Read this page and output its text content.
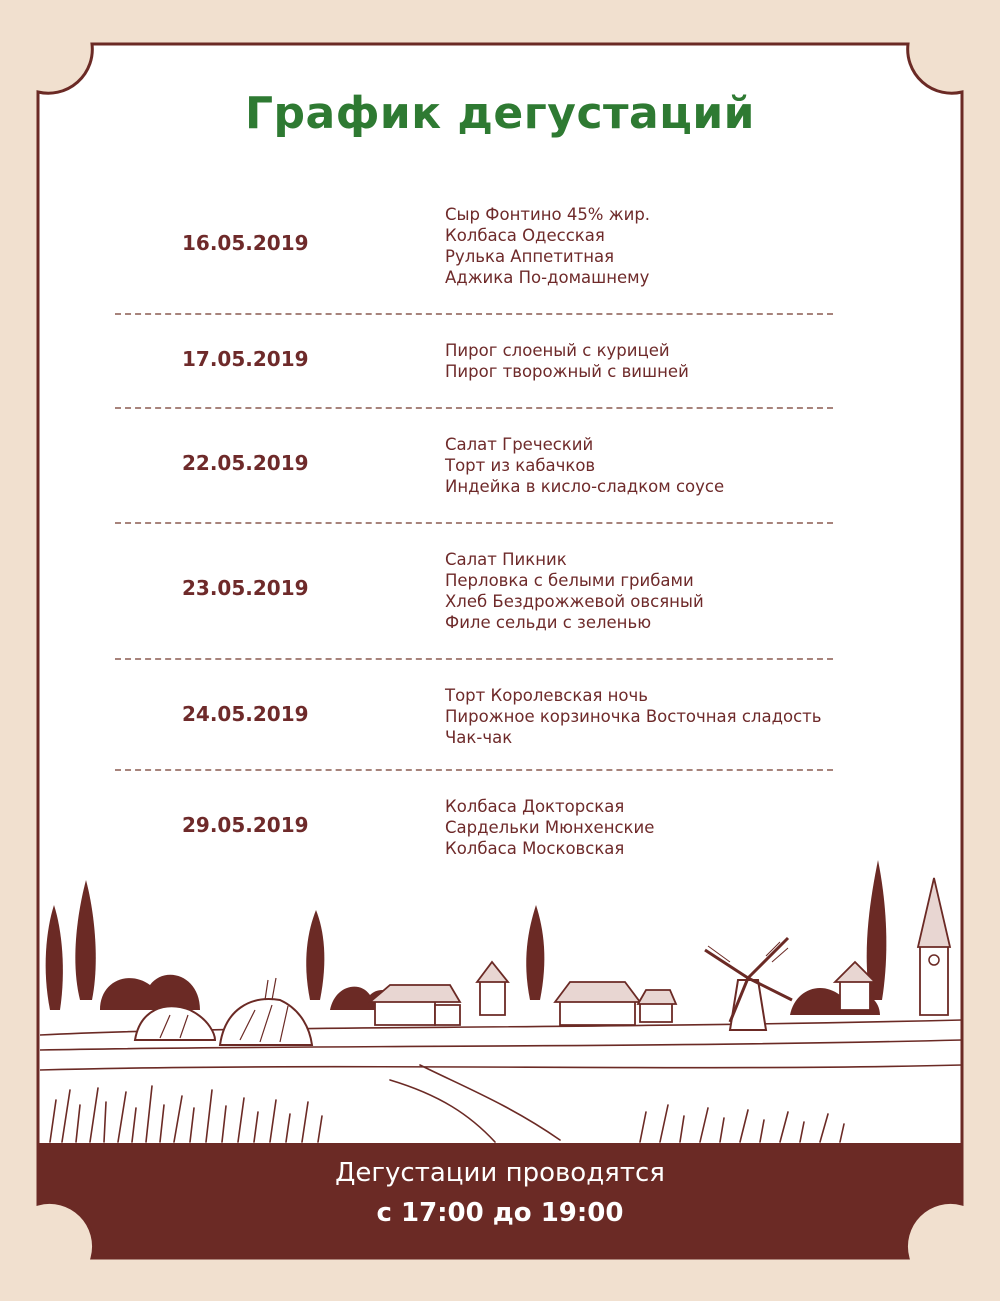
График дегустаций
16.05.2019
Сыр Фонтино 45% жир.
Колбаса Одесская
Рулька Аппетитная
Аджика По-домашнему
17.05.2019	Пирог слоеный с курицей
Пирог творожный с вишней
22.05.2019
Салат Греческий
Торт из кабачков
Индейка в кисло-сладком соусе
23.05.2019
Салат Пикник
Перловка с белыми грибами
Хлеб Бездрожжевой овсяный
Филе сельди с зеленью
24.05.2019
Торт Королевская ночь
Пирожное корзиночка Восточная сладость
Чак-чак
29.05.2019
Колбаса Докторская
Сардельки Мюнхенские
Колбаса Московская
Дегустации проводятся
с 17:00 до 19:00
